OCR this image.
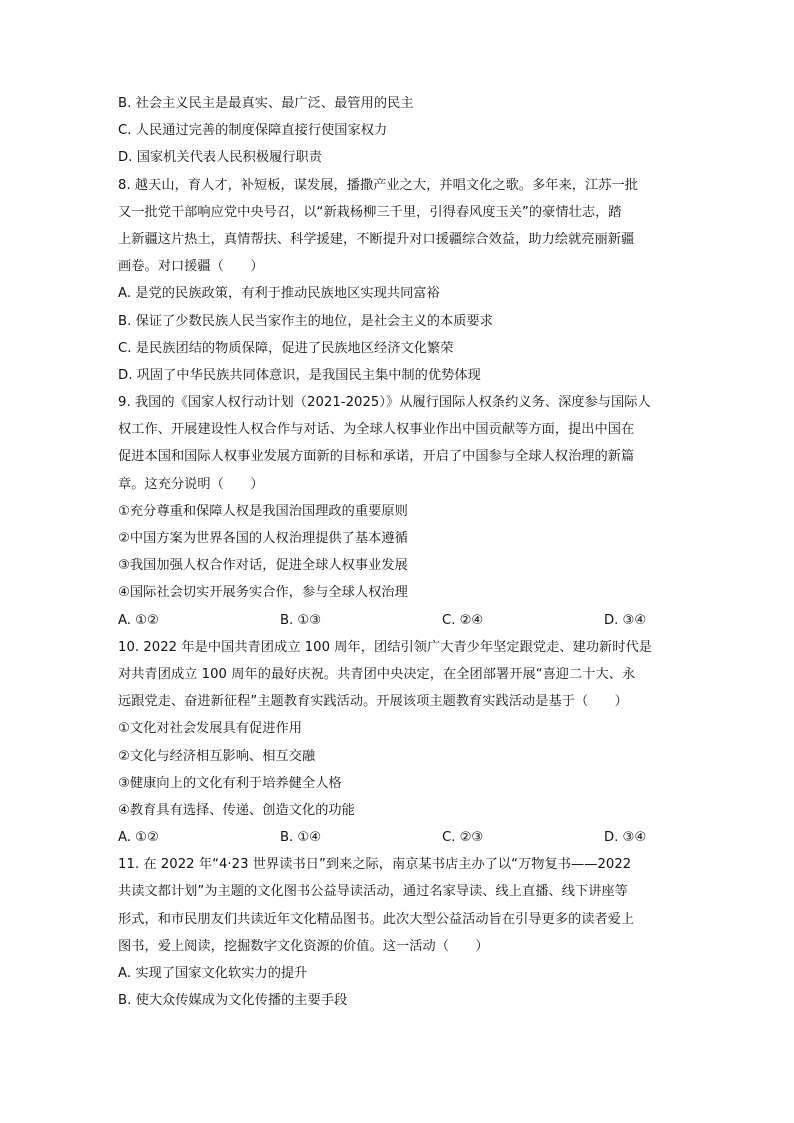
B. 社会主义民主是最真实、最广泛、最管用的民主
C. 人民通过完善的制度保障直接行使国家权力
D. 国家机关代表人民积极履行职责
8. 越天山，育人才，补短板，谋发展，播撒产业之大，并唱文化之歌。多年来，江苏一批
又一批党干部响应党中央号召，以“新栽杨柳三千里，引得春风度玉关”的豪情壮志，踏
上新疆这片热土，真情帮扶、科学援建，不断提升对口援疆综合效益，助力绘就亮丽新疆
画卷。对口援疆（　　）
A. 是党的民族政策，有利于推动民族地区实现共同富裕
B. 保证了少数民族人民当家作主的地位，是社会主义的本质要求
C. 是民族团结的物质保障，促进了民族地区经济文化繁荣
D. 巩固了中华民族共同体意识，是我国民主集中制的优势体现
9. 我国的《国家人权行动计划（2021-2025）》从履行国际人权条约义务、深度参与国际人
权工作、开展建设性人权合作与对话、为全球人权事业作出中国贡献等方面，提出中国在
促进本国和国际人权事业发展方面新的目标和承诺，开启了中国参与全球人权治理的新篇
章。这充分说明（　　）
①充分尊重和保障人权是我国治国理政的重要原则
②中国方案为世界各国的人权治理提供了基本遵循
③我国加强人权合作对话，促进全球人权事业发展
④国际社会切实开展务实合作，参与全球人权治理
A. ①②	B. ①③	C. ②④	D. ③④
10. 2022 年是中国共青团成立 100 周年，团结引领广大青少年坚定跟党走、建功新时代是
对共青团成立 100 周年的最好庆祝。共青团中央决定，在全团部署开展“喜迎二十大、永
远跟党走、奋进新征程”主题教育实践活动。开展该项主题教育实践活动是基于（　　）
①文化对社会发展具有促进作用
②文化与经济相互影响、相互交融
③健康向上的文化有利于培养健全人格
④教育具有选择、传递、创造文化的功能
A. ①②	B. ①④	C. ②③	D. ③④
11. 在 2022 年“4·23 世界读书日”到来之际，南京某书店主办了以“万物复书——2022
共读文都计划”为主题的文化图书公益导读活动，通过名家导读、线上直播、线下讲座等
形式，和市民朋友们共读近年文化精品图书。此次大型公益活动旨在引导更多的读者爱上
图书，爱上阅读，挖掘数字文化资源的价值。这一活动（　　）
A. 实现了国家文化软实力的提升
B. 使大众传媒成为文化传播的主要手段
